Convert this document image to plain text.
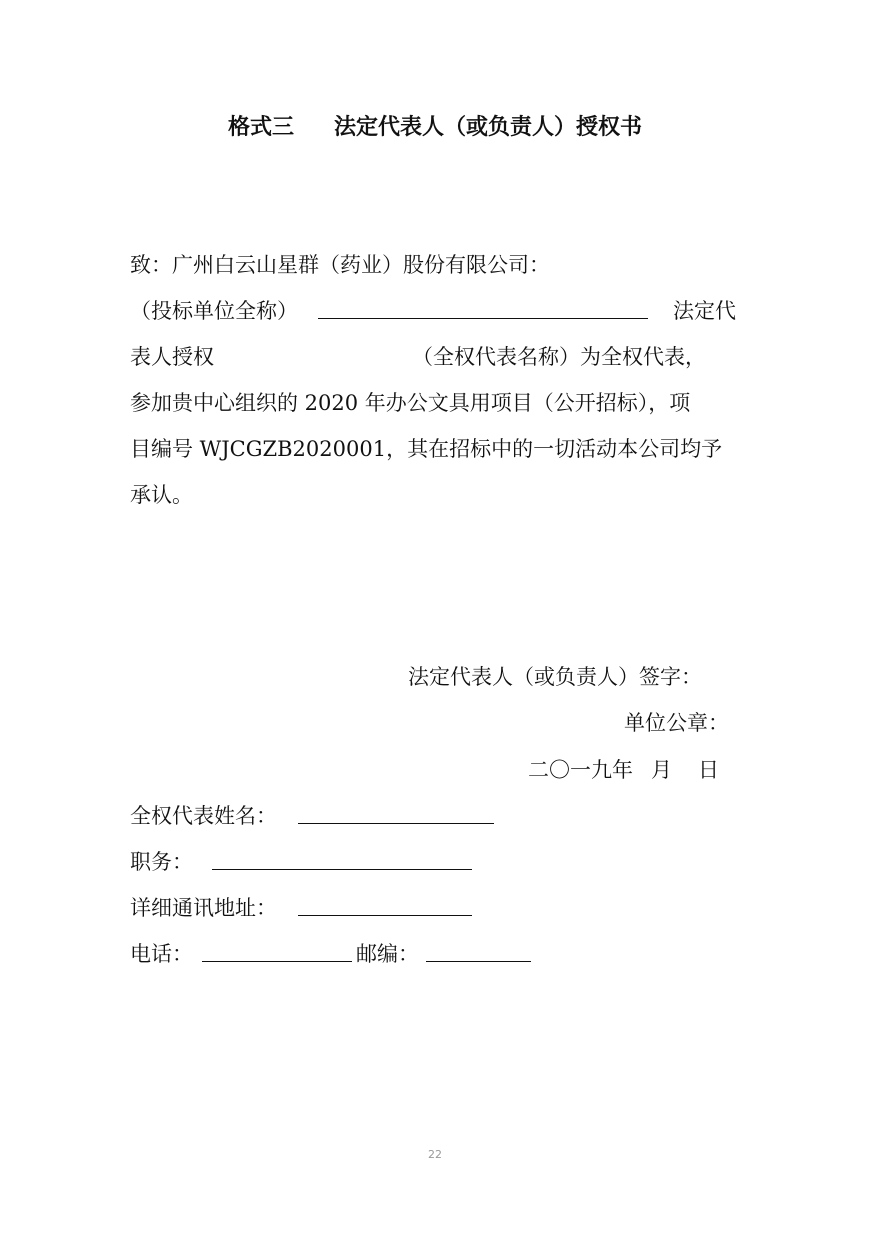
格式三 法定代表人（或负责人）授权书
致：广州白云山星群（药业）股份有限公司：
（投标单位全称）	法定代
表人授权	（全权代表名称）为全权代表，
参加贵中心组织的 2020 年办公文具用项目（公开招标），项
目编号 WJCGZB2020001，其在招标中的一切活动本公司均予
承认。
法定代表人（或负责人）签字：
单位公章：
二〇一九年 月 日
全权代表姓名：
职务：
详细通讯地址：
电话：	邮编：
22
